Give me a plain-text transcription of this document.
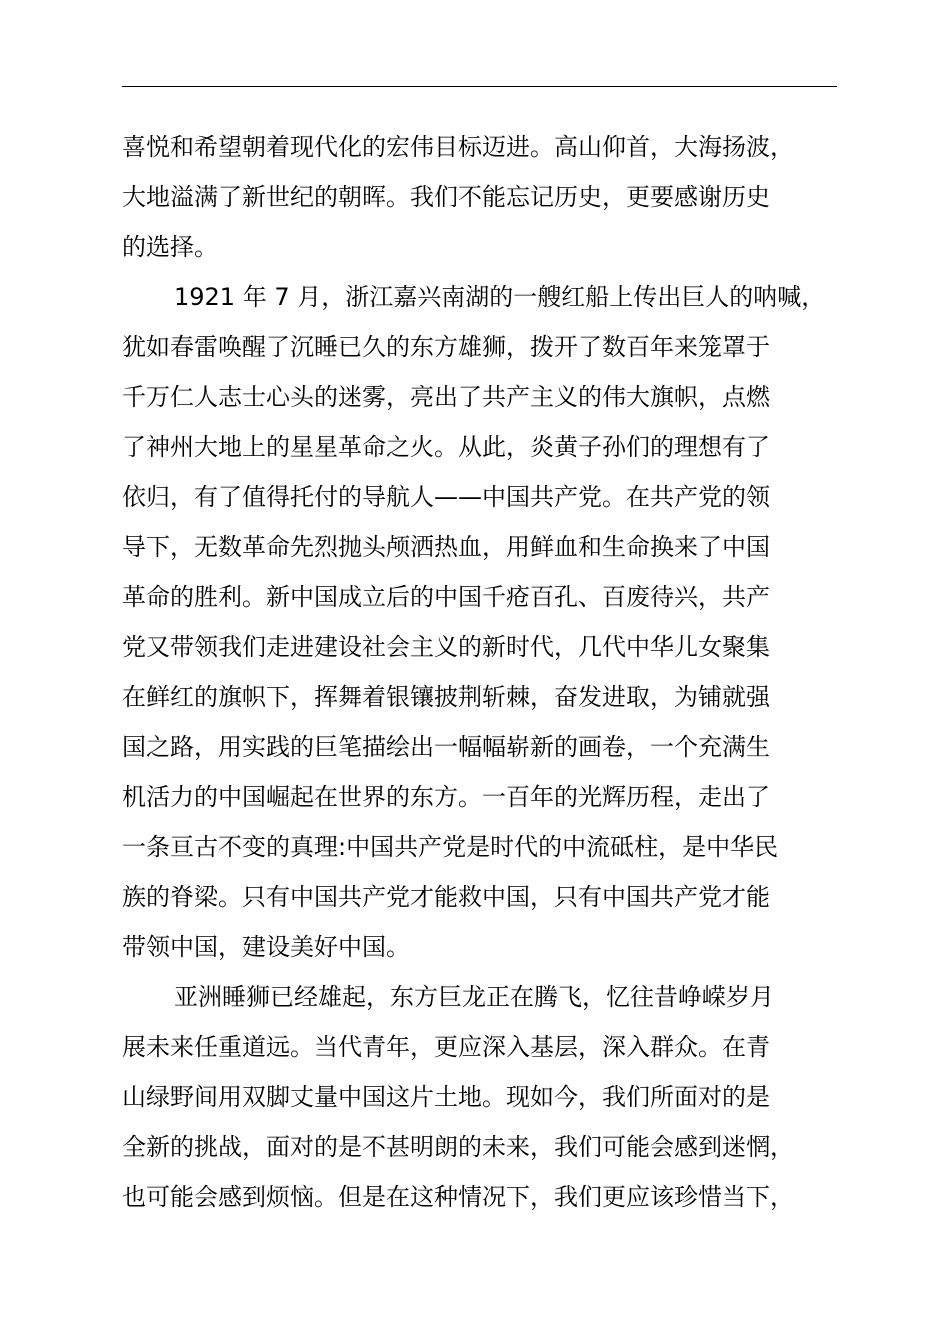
喜悦和希望朝着现代化的宏伟目标迈进。高山仰首，大海扬波，
大地溢满了新世纪的朝晖。我们不能忘记历史，更要感谢历史
的选择。
1921 年 7 月，浙江嘉兴南湖的一艘红船上传出巨人的呐喊，
犹如春雷唤醒了沉睡已久的东方雄狮，拨开了数百年来笼罩于
千万仁人志士心头的迷雾，亮出了共产主义的伟大旗帜，点燃
了神州大地上的星星革命之火。从此，炎黄子孙们的理想有了
依归，有了值得托付的导航人——中国共产党。在共产党的领
导下，无数革命先烈抛头颅洒热血，用鲜血和生命换来了中国
革命的胜利。新中国成立后的中国千疮百孔、百废待兴，共产
党又带领我们走进建设社会主义的新时代，几代中华儿女聚集
在鲜红的旗帜下，挥舞着银镶披荆斩棘，奋发进取，为铺就强
国之路，用实践的巨笔描绘出一幅幅崭新的画卷，一个充满生
机活力的中国崛起在世界的东方。一百年的光辉历程，走出了
一条亘古不变的真理:中国共产党是时代的中流砥柱，是中华民
族的脊梁。只有中国共产党才能救中国，只有中国共产党才能
带领中国，建设美好中国。
亚洲睡狮已经雄起，东方巨龙正在腾飞，忆往昔峥嵘岁月
展未来任重道远。当代青年，更应深入基层，深入群众。在青
山绿野间用双脚丈量中国这片土地。现如今，我们所面对的是
全新的挑战，面对的是不甚明朗的未来，我们可能会感到迷惘，
也可能会感到烦恼。但是在这种情况下，我们更应该珍惜当下，
